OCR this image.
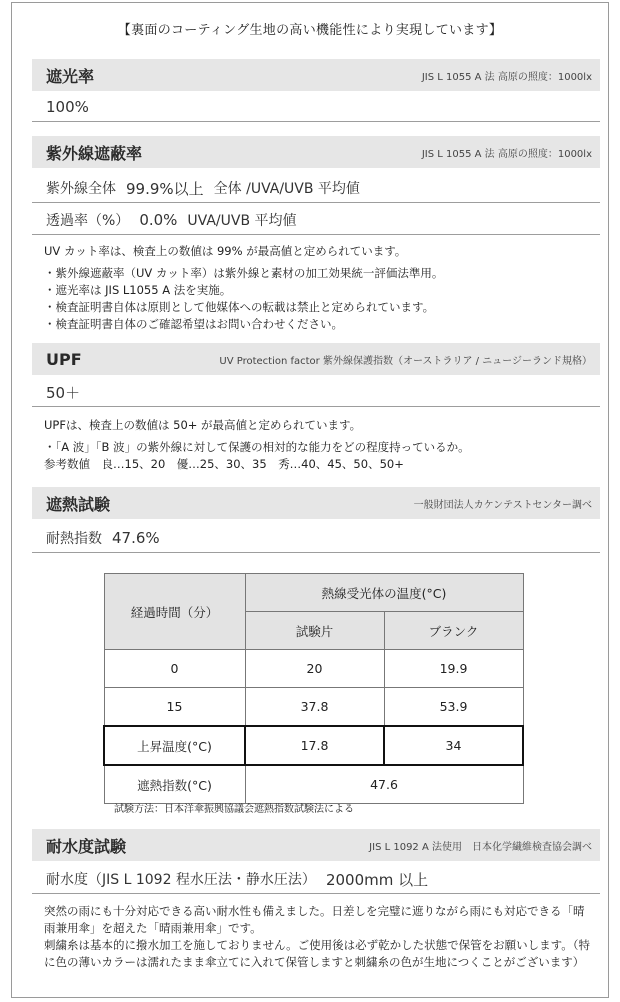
【裏面のコーティング生地の高い機能性により実現しています】
遮光率	JIS L 1055 A 法 高原の照度：1000lx
100%
紫外線遮蔽率	JIS L 1055 A 法 高原の照度：1000lx
紫外線全体 99.9%以上 全体 /UVA/UVB 平均値
透過率（%） 0.0% UVA/UVB 平均値
UV カット率は、検査上の数値は 99% が最高値と定められています。
・紫外線遮蔽率（UV カット率）は紫外線と素材の加工効果統一評価法準用。
・遮光率は JIS L1055 A 法を実施。
・検査証明書自体は原則として他媒体への転載は禁止と定められています。
・検査証明書自体のご確認希望はお問い合わせください。
UPF	UV Protection factor 紫外線保護指数（オーストラリア / ニュージーランド規格）
50＋
UPFは、検査上の数値は 50+ が最高値と定められています。
・「A 波」「B 波」の紫外線に対して保護の相対的な能力をどの程度持っているか。
参考数値　良…15、20　優…25、30、35　秀…40、45、50、50+
遮熱試験	一般財団法人カケンテストセンター調べ
耐熱指数 47.6%
経過時間（分）	熱線受光体の温度(°C)	
	試験片	ブランク
0	20	19.9
15	37.8	53.9
上昇温度(°C)	17.8	34
遮熱指数(°C)	47.6	
試験方法：日本洋傘振興協議会遮熱指数試験法による
耐水度試験	JIS L 1092 A 法使用　日本化学繊維検査協会調べ
耐水度（JIS L 1092 程水圧法・静水圧法） 2000mm 以上
突然の雨にも十分対応できる高い耐水性も備えました。日差しを完璧に遮りながら雨にも対応できる「晴雨兼用傘」を超えた「晴雨兼用傘」です。
刺繍糸は基本的に撥水加工を施しておりません。ご使用後は必ず乾かした状態で保管をお願いします。（特に色の薄いカラーは濡れたまま傘立てに入れて保管しますと刺繍糸の色が生地につくことがございます）
